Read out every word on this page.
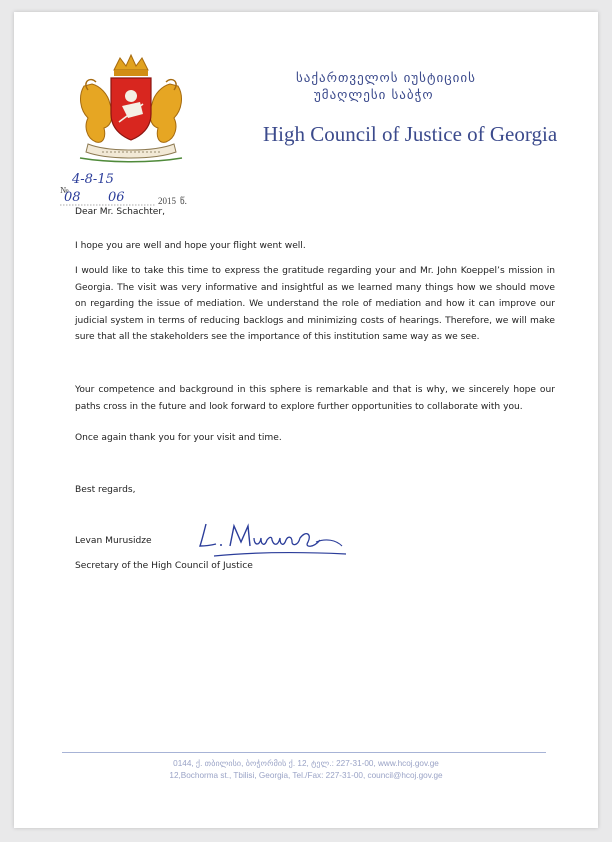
საქართველოს იუსტიციის
უმაღლესი საბჭო
High Council of Justice of Georgia
№
4-8-15
08 06	2015 წ.
Dear Mr. Schachter,
I hope you are well and hope your flight went well.
I would like to take this time to express the gratitude regarding your and Mr. John Koeppel’s mission in Georgia. The visit was very informative and insightful as we learned many things how we should move on regarding the issue of mediation. We understand the role of mediation and how it can improve our judicial system in terms of reducing backlogs and minimizing costs of hearings. Therefore, we will make sure that all the stakeholders see the importance of this institution same way as we see.
Your competence and background in this sphere is remarkable and that is why, we sincerely hope our paths cross in the future and look forward to explore further opportunities to collaborate with you.
Once again thank you for your visit and time.
Best regards,
Levan Murusidze
Secretary of the High Council of Justice
0144, ქ. თბილისი, ბოჭორმის ქ. 12, ტელ.: 227-31-00, www.hcoj.gov.ge
12,Bochorma st., Tbilisi, Georgia, Tel./Fax: 227-31-00, council@hcoj.gov.ge
